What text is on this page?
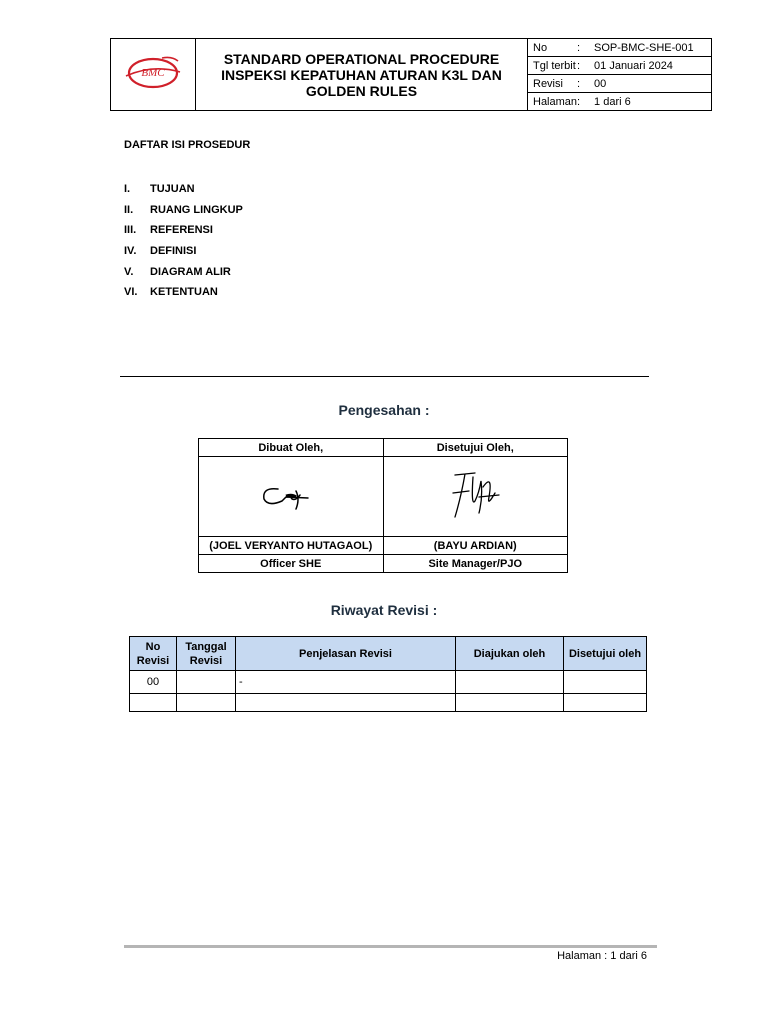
BMC

STANDARD OPERATIONAL PROCEDURE
INSPEKSI KEPATUHAN ATURAN K3L DAN
GOLDEN RULES

No	:	SOP-BMC-SHE-001
Tgl terbit	:	01 Januari 2024
Revisi	:	00
Halaman	:	1 dari 6
DAFTAR ISI PROSEDUR
I.	TUJUAN
II.	RUANG LINGKUP
III.	REFERENSI
IV.	DEFINISI
V.	DIAGRAM ALIR
VI.	KETENTUAN
Pengesahan :
Dibuat Oleh,	Disetujui Oleh,

(JOEL VERYANTO HUTAGAOL)	(BAYU ARDIAN)
Officer SHE	Site Manager/PJO
Riwayat Revisi :
No Revisi	Tanggal Revisi	Penjelasan Revisi	Diajukan oleh	Disetujui oleh
00		-		

Halaman : 1 dari 6
